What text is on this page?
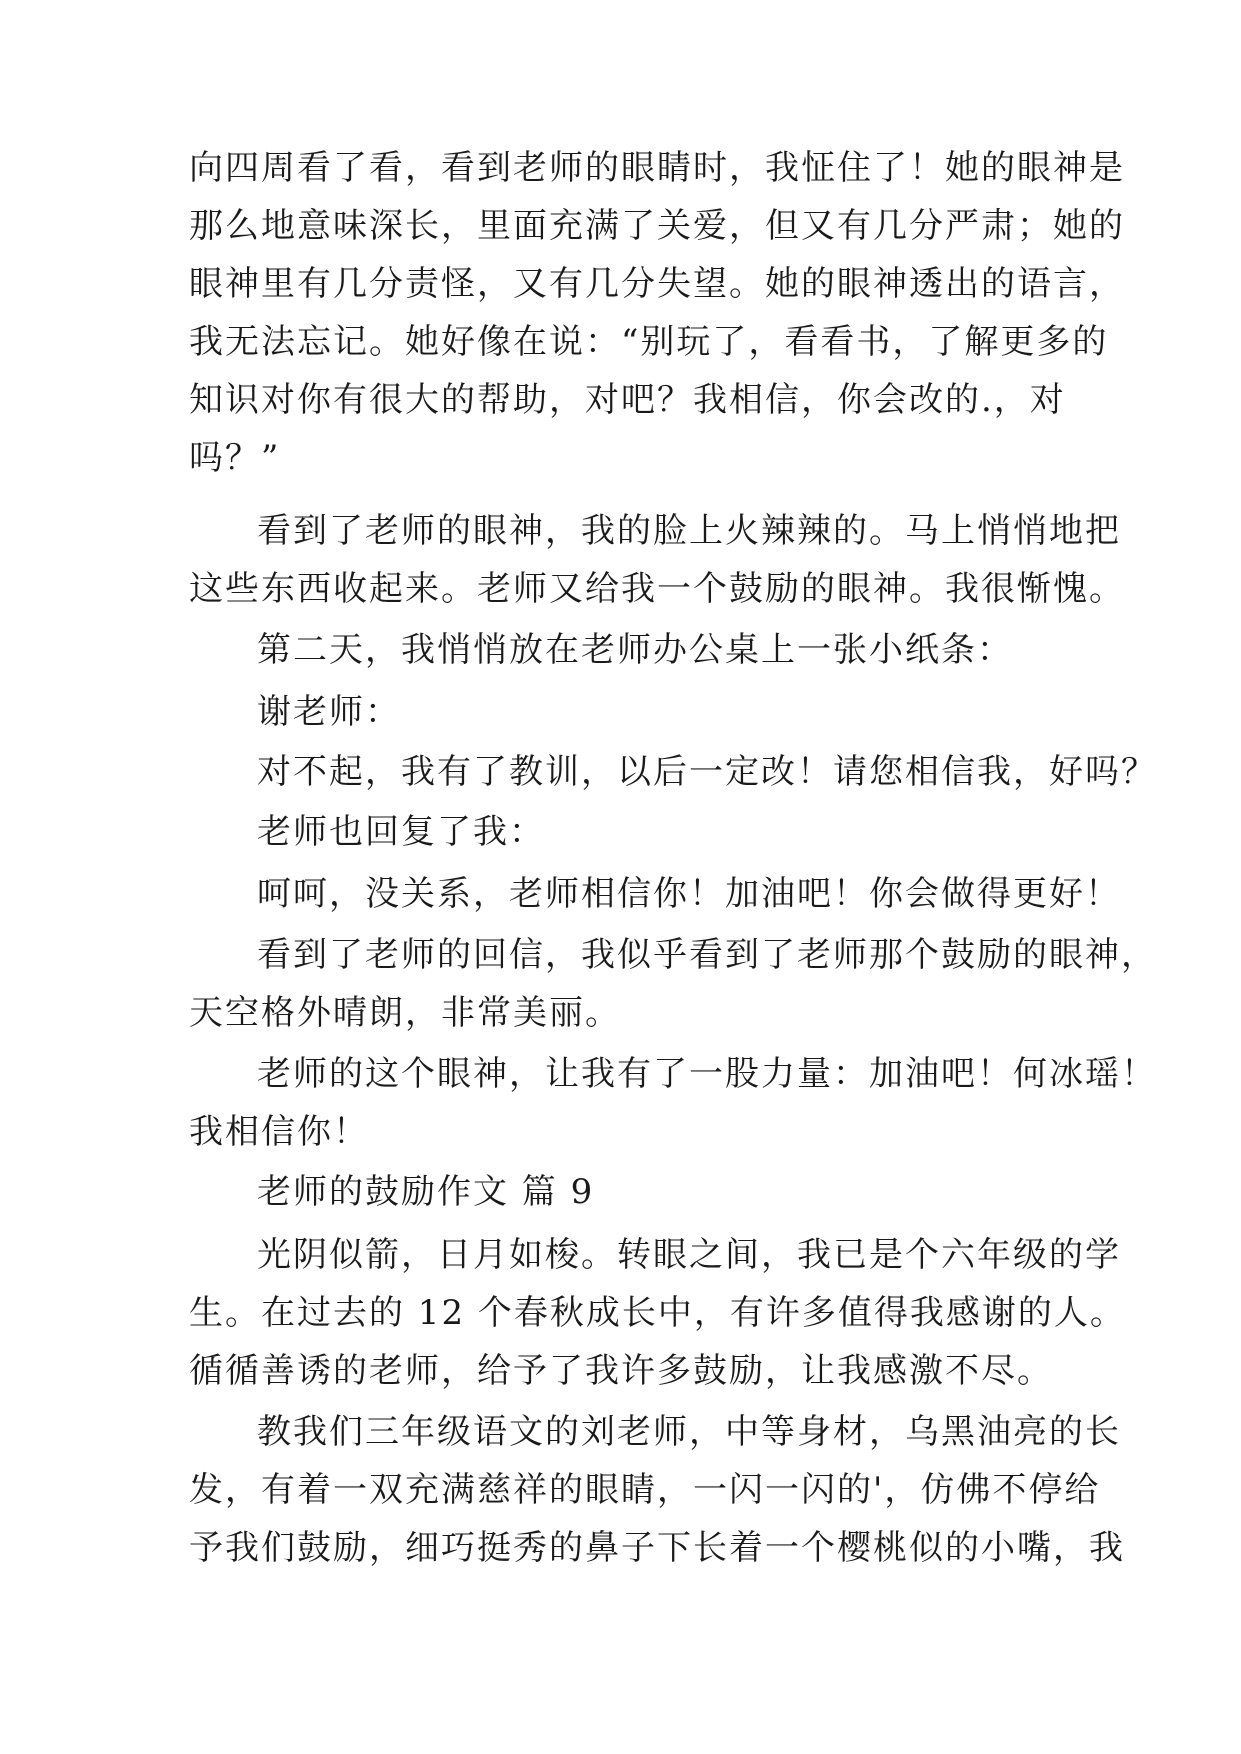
向四周看了看，看到老师的眼睛时，我怔住了！她的眼神是
那么地意味深长，里面充满了关爱，但又有几分严肃；她的
眼神里有几分责怪，又有几分失望。她的眼神透出的语言，
我无法忘记。她好像在说：“别玩了，看看书，了解更多的
知识对你有很大的帮助，对吧？我相信，你会改的.，对
吗？”
看到了老师的眼神，我的脸上火辣辣的。马上悄悄地把
这些东西收起来。老师又给我一个鼓励的眼神。我很惭愧。
第二天，我悄悄放在老师办公桌上一张小纸条：
谢老师：
对不起，我有了教训，以后一定改！请您相信我，好吗？
老师也回复了我：
呵呵，没关系，老师相信你！加油吧！你会做得更好！
看到了老师的回信，我似乎看到了老师那个鼓励的眼神，
天空格外晴朗，非常美丽。
老师的这个眼神，让我有了一股力量：加油吧！何冰瑶！
我相信你！
老师的鼓励作文 篇 9
光阴似箭，日月如梭。转眼之间，我已是个六年级的学
生。在过去的 12 个春秋成长中，有许多值得我感谢的人。
循循善诱的老师，给予了我许多鼓励，让我感激不尽。
教我们三年级语文的刘老师，中等身材，乌黑油亮的长
发，有着一双充满慈祥的眼睛，一闪一闪的'，仿佛不停给
予我们鼓励，细巧挺秀的鼻子下长着一个樱桃似的小嘴，我
